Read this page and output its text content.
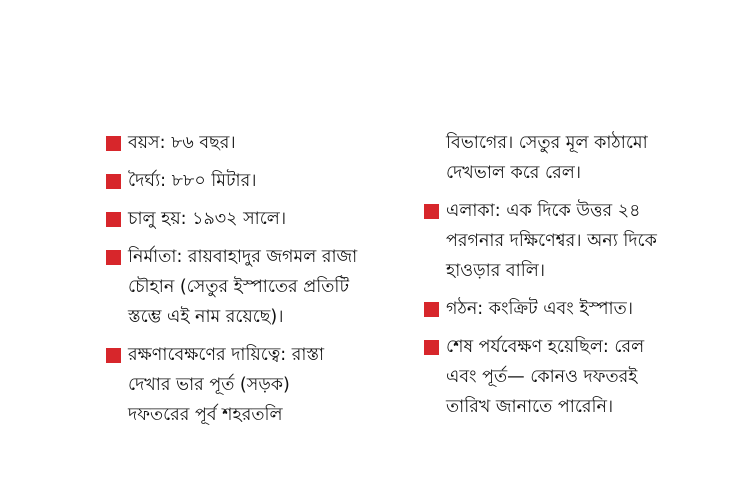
বয়স: ৮৬ বছর।
দৈর্ঘ্য: ৮৮০ মিটার।
চালু হয়: ১৯৩২ সালে।
নির্মাতা: রায়বাহাদুর জগমল রাজা
চৌহান (সেতুর ইস্পাতের প্রতিটি
স্তম্ভে এই নাম রয়েছে)।
রক্ষণাবেক্ষণের দায়িত্বে: রাস্তা
দেখার ভার পূর্ত (সড়ক)
দফতরের পূর্ব শহরতলি
বিভাগের। সেতুর মূল কাঠামো
দেখভাল করে রেল।
এলাকা: এক দিকে উত্তর ২৪
পরগনার দক্ষিণেশ্বর। অন্য দিকে
হাওড়ার বালি।
গঠন: কংক্রিট এবং ইস্পাত।
শেষ পর্যবেক্ষণ হয়েছিল: রেল
এবং পূর্ত— কোনও দফতরই
তারিখ জানাতে পারেনি।
